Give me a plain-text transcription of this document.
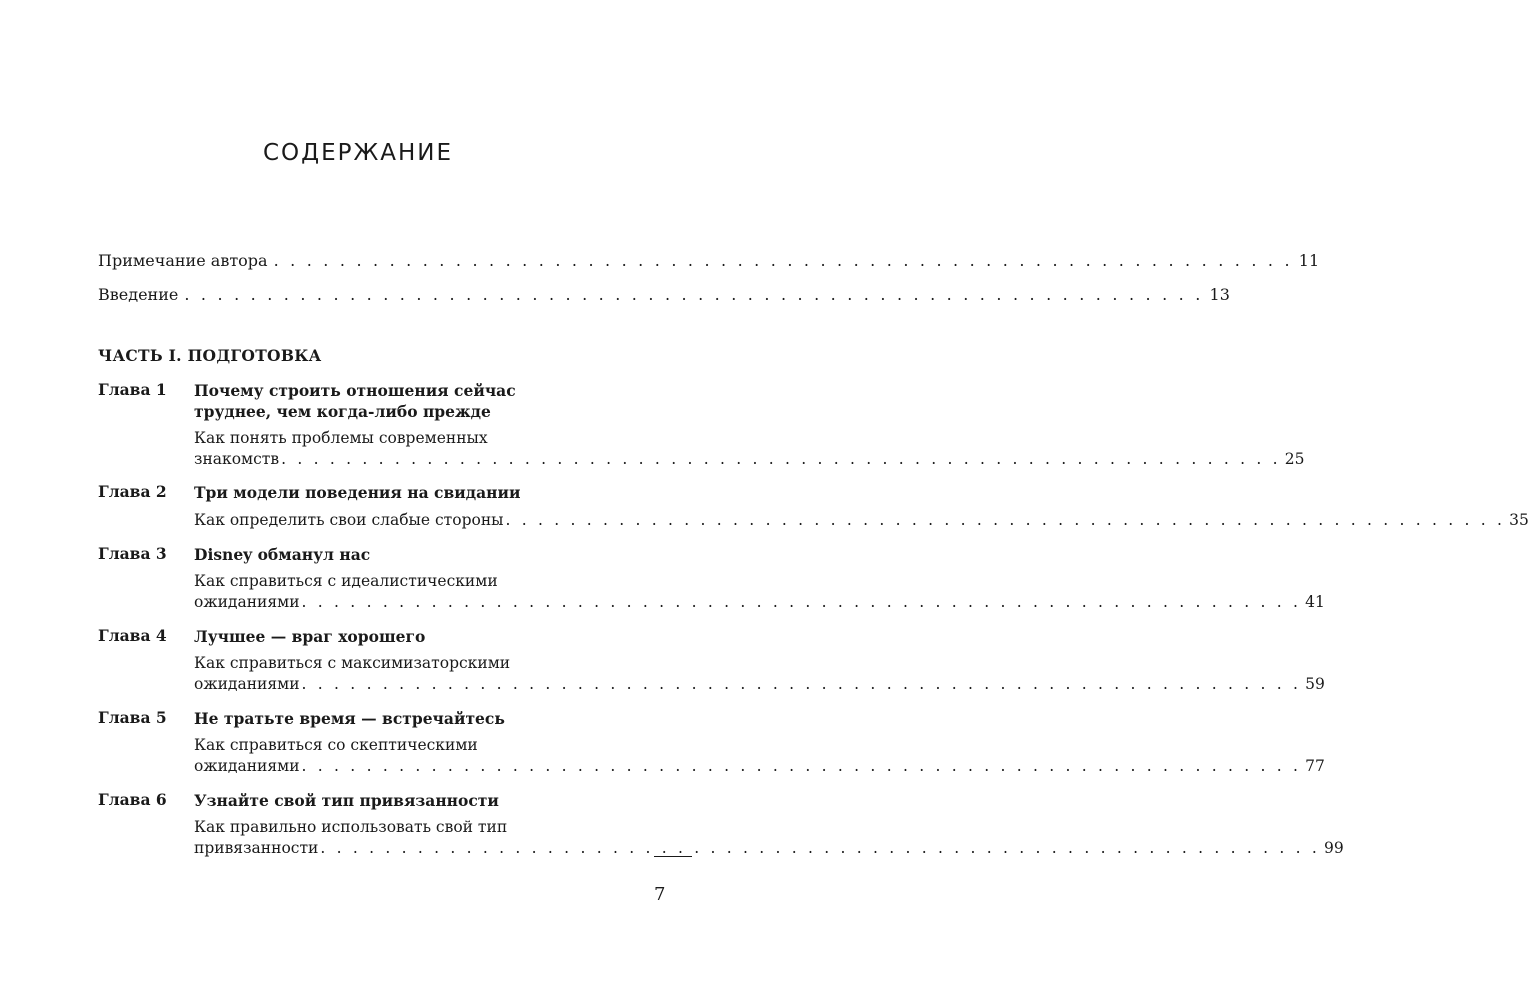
СОДЕРЖАНИЕ
Примечание автора . . . . . . . . . . . . . . . . . . . . . . . . . . . . . . . . . . . . . . . . . . . . . . . . . . . . . . . . . . . . . . 11
Введение . . . . . . . . . . . . . . . . . . . . . . . . . . . . . . . . . . . . . . . . . . . . . . . . . . . . . . . . . . . . . . 13
ЧАСТЬ I. ПОДГОТОВКА
Глава 1 Почему строить отношения сейчас
труднее, чем когда-либо прежде
Как понять проблемы современных
знакомств . . . . . . . . . . . . . . . . . . . . . . . . . . . . . . . . . . . . . . . . . . . . . . . . . . . . . . . . . . . . . . 25
Глава 2 Три модели поведения на свидании
Как определить свои слабые стороны . . . . . . . . . . . . . . . . . . . . . . . . . . . . . . . . . . . . . . . . . . . . . . . . . . . . . . . . . . . . . . 35
Глава 3 Disney обманул нас
Как справиться с идеалистическими
ожиданиями . . . . . . . . . . . . . . . . . . . . . . . . . . . . . . . . . . . . . . . . . . . . . . . . . . . . . . . . . . . . . . 41
Глава 4 Лучшее — враг хорошего
Как справиться с максимизаторскими
ожиданиями . . . . . . . . . . . . . . . . . . . . . . . . . . . . . . . . . . . . . . . . . . . . . . . . . . . . . . . . . . . . . . 59
Глава 5 Не тратьте время — встречайтесь
Как справиться со скептическими
ожиданиями . . . . . . . . . . . . . . . . . . . . . . . . . . . . . . . . . . . . . . . . . . . . . . . . . . . . . . . . . . . . . . 77
Глава 6 Узнайте свой тип привязанности
Как правильно использовать свой тип
привязанности . . . . . . . . . . . . . . . . . . . . . . . . . . . . . . . . . . . . . . . . . . . . . . . . . . . . . . . . . . . . . . 99
7
